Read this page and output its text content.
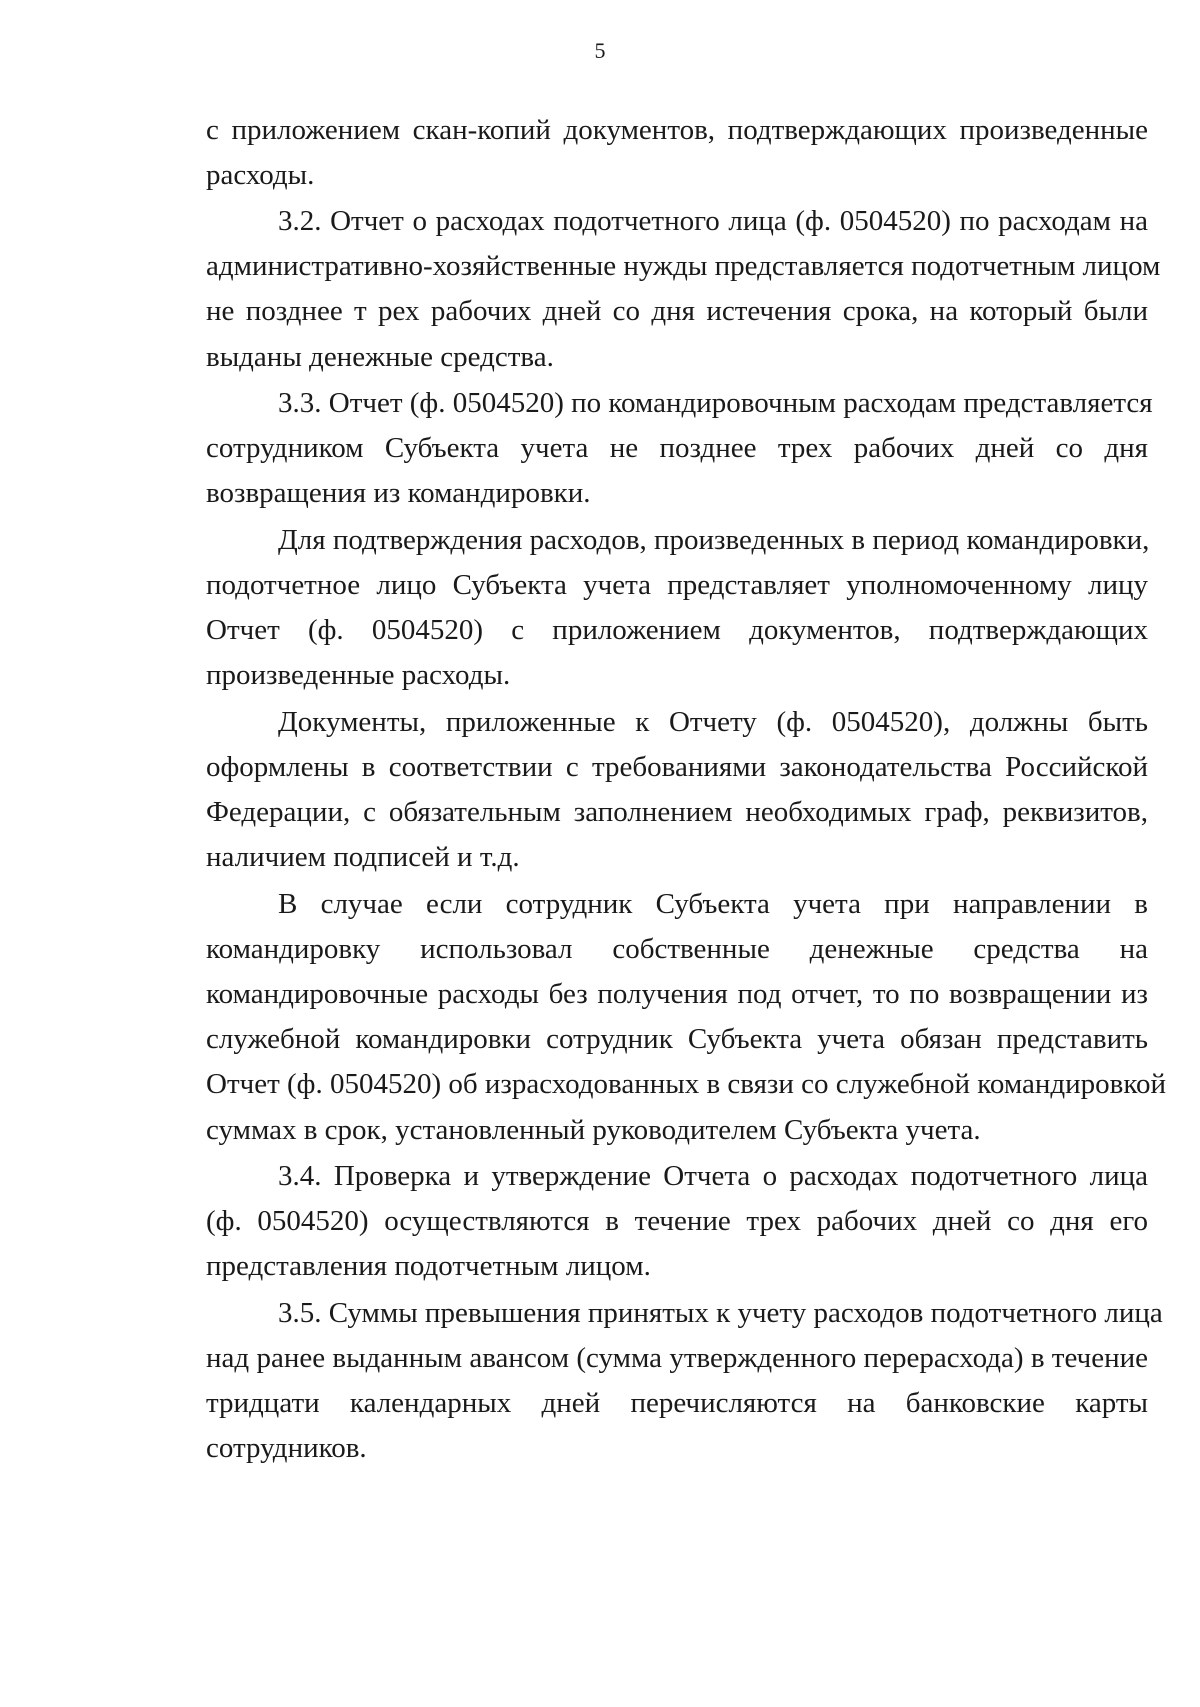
5
с приложением скан-копий документов, подтверждающих произведенные
расходы.
3.2. Отчет о расходах подотчетного лица (ф. 0504520) по расходам на
административно-хозяйственные нужды представляется подотчетным лицом
не позднее т рех рабочих дней со дня истечения срока, на который были
выданы денежные средства.
3.3. Отчет (ф. 0504520) по командировочным расходам представляется
сотрудником Субъекта учета не позднее трех рабочих дней со дня
возвращения из командировки.
Для подтверждения расходов, произведенных в период командировки,
подотчетное лицо Субъекта учета представляет уполномоченному лицу
Отчет (ф. 0504520) с приложением документов, подтверждающих
произведенные расходы.
Документы, приложенные к Отчету (ф. 0504520), должны быть
оформлены в соответствии с требованиями законодательства Российской
Федерации, с обязательным заполнением необходимых граф, реквизитов,
наличием подписей и т.д.
В случае если сотрудник Субъекта учета при направлении в
командировку использовал собственные денежные средства на
командировочные расходы без получения под отчет, то по возвращении из
служебной командировки сотрудник Субъекта учета обязан представить
Отчет (ф. 0504520) об израсходованных в связи со служебной командировкой
суммах в срок, установленный руководителем Субъекта учета.
3.4. Проверка и утверждение Отчета о расходах подотчетного лица
(ф. 0504520) осуществляются в течение трех рабочих дней со дня его
представления подотчетным лицом.
3.5. Суммы превышения принятых к учету расходов подотчетного лица
над ранее выданным авансом (сумма утвержденного перерасхода) в течение
тридцати календарных дней перечисляются на банковские карты
сотрудников.
